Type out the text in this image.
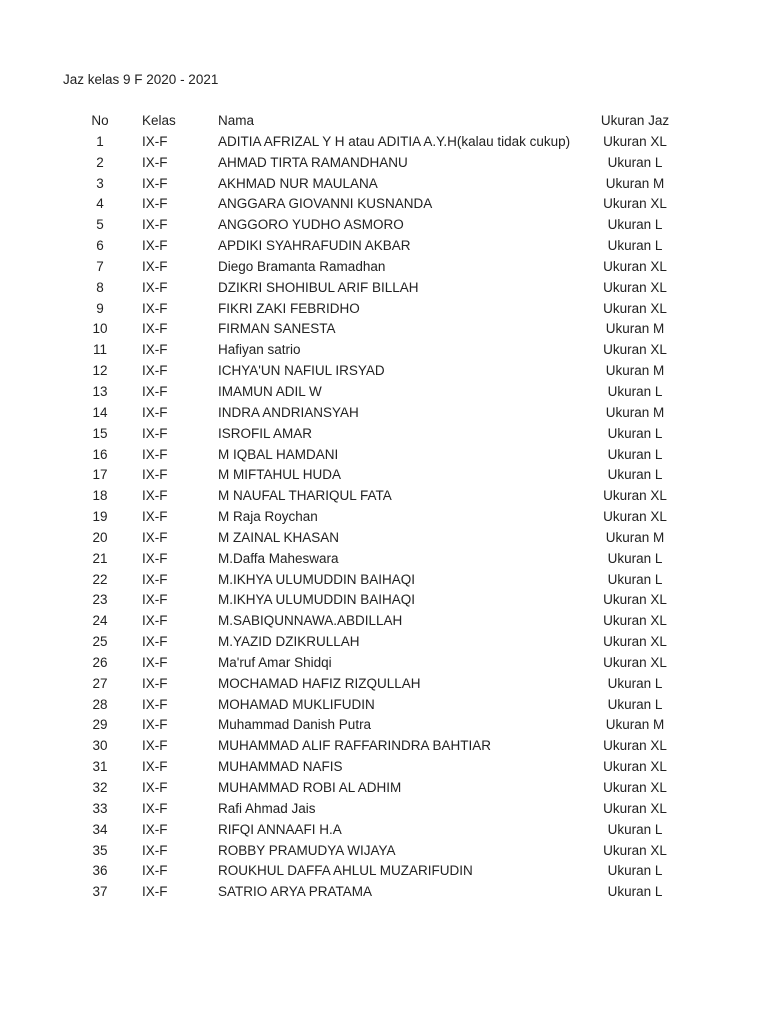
Jaz kelas 9 F 2020 - 2021
No	Kelas	Nama	Ukuran Jaz
1	IX-F	ADITIA AFRIZAL Y H atau ADITIA A.Y.H(kalau tidak cukup)	Ukuran XL
2	IX-F	AHMAD TIRTA RAMANDHANU	Ukuran L
3	IX-F	AKHMAD NUR MAULANA	Ukuran M
4	IX-F	ANGGARA GIOVANNI KUSNANDA	Ukuran XL
5	IX-F	ANGGORO YUDHO ASMORO	Ukuran L
6	IX-F	APDIKI SYAHRAFUDIN AKBAR	Ukuran L
7	IX-F	Diego Bramanta Ramadhan	Ukuran XL
8	IX-F	DZIKRI SHOHIBUL ARIF BILLAH	Ukuran XL
9	IX-F	FIKRI ZAKI FEBRIDHO	Ukuran XL
10	IX-F	FIRMAN SANESTA	Ukuran M
11	IX-F	Hafiyan satrio	Ukuran XL
12	IX-F	ICHYA'UN NAFIUL IRSYAD	Ukuran M
13	IX-F	IMAMUN ADIL W	Ukuran L
14	IX-F	INDRA ANDRIANSYAH	Ukuran M
15	IX-F	ISROFIL AMAR	Ukuran L
16	IX-F	M IQBAL HAMDANI	Ukuran L
17	IX-F	M MIFTAHUL HUDA	Ukuran L
18	IX-F	M NAUFAL THARIQUL FATA	Ukuran XL
19	IX-F	M Raja Roychan	Ukuran XL
20	IX-F	M ZAINAL KHASAN	Ukuran M
21	IX-F	M.Daffa Maheswara	Ukuran L
22	IX-F	M.IKHYA ULUMUDDIN BAIHAQI	Ukuran L
23	IX-F	M.IKHYA ULUMUDDIN BAIHAQI	Ukuran XL
24	IX-F	M.SABIQUNNAWA.ABDILLAH	Ukuran XL
25	IX-F	M.YAZID DZIKRULLAH	Ukuran XL
26	IX-F	Ma'ruf Amar Shidqi	Ukuran XL
27	IX-F	MOCHAMAD HAFIZ RIZQULLAH	Ukuran L
28	IX-F	MOHAMAD MUKLIFUDIN	Ukuran L
29	IX-F	Muhammad Danish Putra	Ukuran M
30	IX-F	MUHAMMAD ALIF RAFFARINDRA BAHTIAR	Ukuran XL
31	IX-F	MUHAMMAD NAFIS	Ukuran XL
32	IX-F	MUHAMMAD ROBI AL ADHIM	Ukuran XL
33	IX-F	Rafi Ahmad Jais	Ukuran XL
34	IX-F	RIFQI ANNAAFI H.A	Ukuran L
35	IX-F	ROBBY PRAMUDYA WIJAYA	Ukuran XL
36	IX-F	ROUKHUL DAFFA AHLUL MUZARIFUDIN	Ukuran L
37	IX-F	SATRIO ARYA PRATAMA	Ukuran L
